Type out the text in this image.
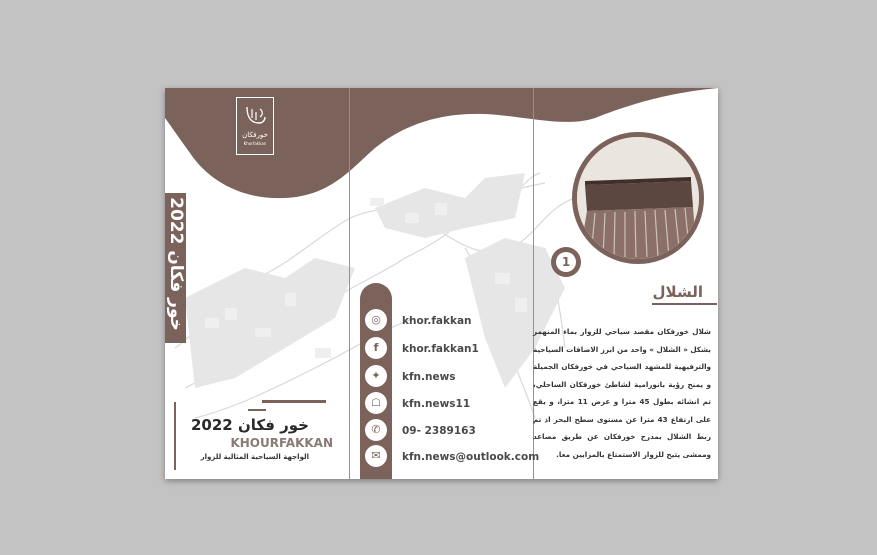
خورفكان
Khorfakkan
خور فكان 2022
خور فكان 2022
KHOURFAKKAN
الواجهة السياحية المثالية للزوار
◎	khor.fakkan
f	khor.fakkan1
✦	kfn.news
☖	kfn.news11
✆	09- 2389163
✉	kfn.news@outlook.com
1
الشلال
شلال خورفكان مقصد سياحي للزوار بماء المنهمر بشكل « الشلال » واحد من ابرز الاضافات السياحية والترفيهية للمشهد السياحي في خورفكان الجميلة و يمنح رؤية بانورامية لشاطئ خورفكان الساحلي، تم انشائه بطول 45 مترا و عرض 11 مترا، و يقع على ارتفاع 43 مترا عن مستوى سطح البحر اذ تم ربط الشلال بمدرج خورفكان عن طريق مصاعد وممشى يتيح للزوار الاستمتاع بالمزايين معا.
